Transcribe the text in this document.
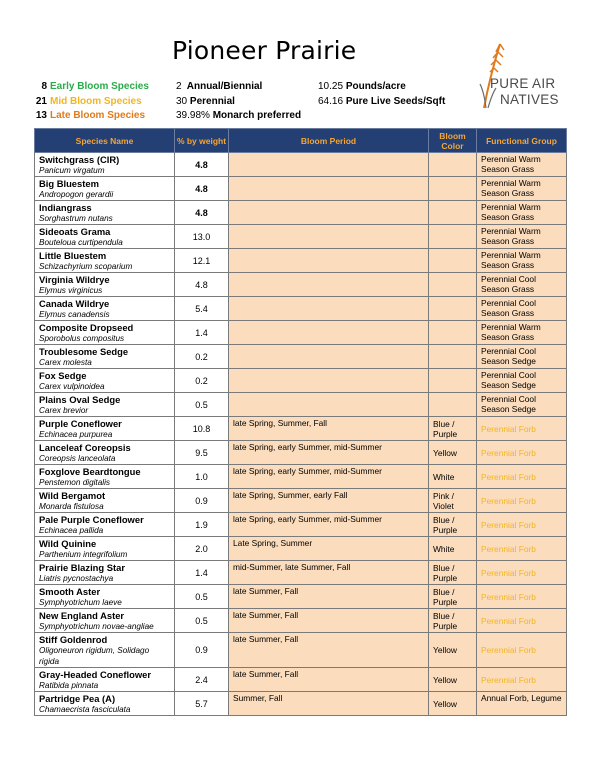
Pioneer Prairie
8 Early Bloom Species
21 Mid Bloom Species
13 Late Bloom Species
2 Annual/Biennial
30 Perennial
39.98% Monarch preferred
10.25 Pounds/acre
64.16 Pure Live Seeds/Sqft
PURE AIR
NATIVES
Species Name	% by weight	Bloom Period	Bloom Color	Functional Group

Switchgrass (CIR)
Panicum virgatum	4.8			Perennial Warm Season Grass

Big Bluestem
Andropogon gerardii	4.8			Perennial Warm Season Grass

Indiangrass
Sorghastrum nutans	4.8			Perennial Warm Season Grass

Sideoats Grama
Bouteloua curtipendula	13.0			Perennial Warm Season Grass

Little Bluestem
Schizachyrium scoparium	12.1			Perennial Warm Season Grass

Virginia Wildrye
Elymus virginicus	4.8			Perennial Cool Season Grass

Canada Wildrye
Elymus canadensis	5.4			Perennial Cool Season Grass

Composite Dropseed
Sporobolus compositus	1.4			Perennial Warm Season Grass

Troublesome Sedge
Carex molesta	0.2			Perennial Cool Season Sedge

Fox Sedge
Carex vulpinoidea	0.2			Perennial Cool Season Sedge

Plains Oval Sedge
Carex brevior	0.5			Perennial Cool Season Sedge

Purple Coneflower
Echinacea purpurea	10.8	late Spring, Summer, Fall	Blue / Purple	Perennial Forb

Lanceleaf Coreopsis
Coreopsis lanceolata	9.5	late Spring, early Summer, mid-Summer	Yellow	Perennial Forb

Foxglove Beardtongue
Penstemon digitalis	1.0	late Spring, early Summer, mid-Summer	White	Perennial Forb

Wild Bergamot
Monarda fistulosa	0.9	late Spring, Summer, early Fall	Pink / Violet	Perennial Forb

Pale Purple Coneflower
Echinacea pallida	1.9	late Spring, early Summer, mid-Summer	Blue / Purple	Perennial Forb

Wild Quinine
Parthenium integrifolium	2.0	Late Spring, Summer	White	Perennial Forb

Prairie Blazing Star
Liatris pycnostachya	1.4	mid-Summer, late Summer, Fall	Blue / Purple	Perennial Forb

Smooth Aster
Symphyotrichum laeve	0.5	late Summer, Fall	Blue / Purple	Perennial Forb

New England Aster
Symphyotrichum novae-angliae	0.5	late Summer, Fall	Blue / Purple	Perennial Forb

Stiff Goldenrod
Oligoneuron rigidum, Solidago rigida	0.9	late Summer, Fall	Yellow	Perennial Forb

Gray-Headed Coneflower
Ratibida pinnata	2.4	late Summer, Fall	Yellow	Perennial Forb

Partridge Pea (A)
Chamaecrista fasciculata	5.7	Summer, Fall	Yellow	Annual Forb, Legume
